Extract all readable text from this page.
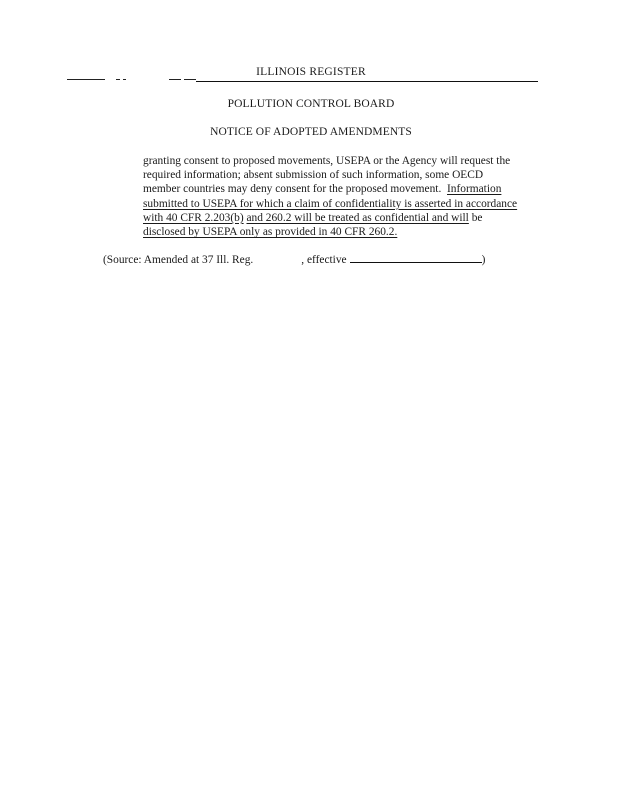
ILLINOIS REGISTER
POLLUTION CONTROL BOARD
NOTICE OF ADOPTED AMENDMENTS
granting consent to proposed movements, USEPA or the Agency will request the
required information; absent submission of such information, some OECD
member countries may deny consent for the proposed movement. Information
submitted to USEPA for which a claim of confidentiality is asserted in accordance
with 40 CFR 2.203(b) and 260.2 will be treated as confidential and will be
disclosed by USEPA only as provided in 40 CFR 260.2.
(Source: Amended at 37 Ill. Reg.	, effective	)
